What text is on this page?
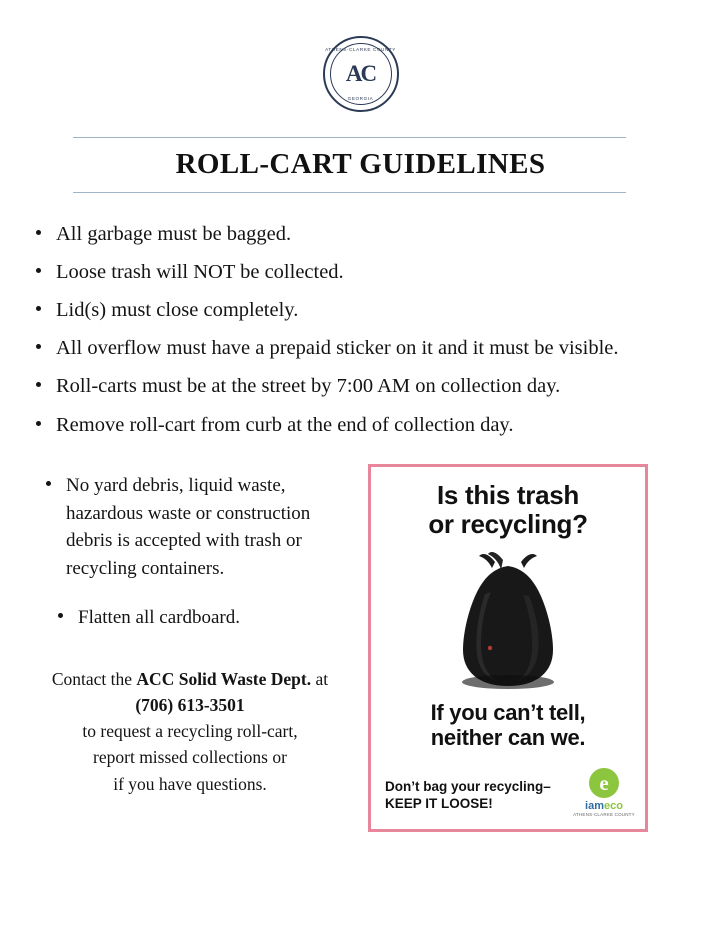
ATHENS-CLARKE COUNTY
AC
GEORGIA
ROLL-CART GUIDELINES
All garbage must be bagged.
Loose trash will NOT be collected.
Lid(s) must close completely.
All overflow must have a prepaid sticker on it and it must be visible.
Roll-carts must be at the street by 7:00 AM on collection day.
Remove roll-cart from curb at the end of collection day.
No yard debris, liquid waste, hazardous waste or construction debris is accepted with trash or recycling containers.
Flatten all cardboard.
Contact the ACC Solid Waste Dept. at (706) 613-3501
to request a recycling roll-cart,
report missed collections or
if you have questions.
Is this trash
or recycling?
If you can’t tell,
neither can we.
Don’t bag your recycling–
KEEP IT LOOSE!
e
iameco
ATHENS-CLARKE COUNTY
